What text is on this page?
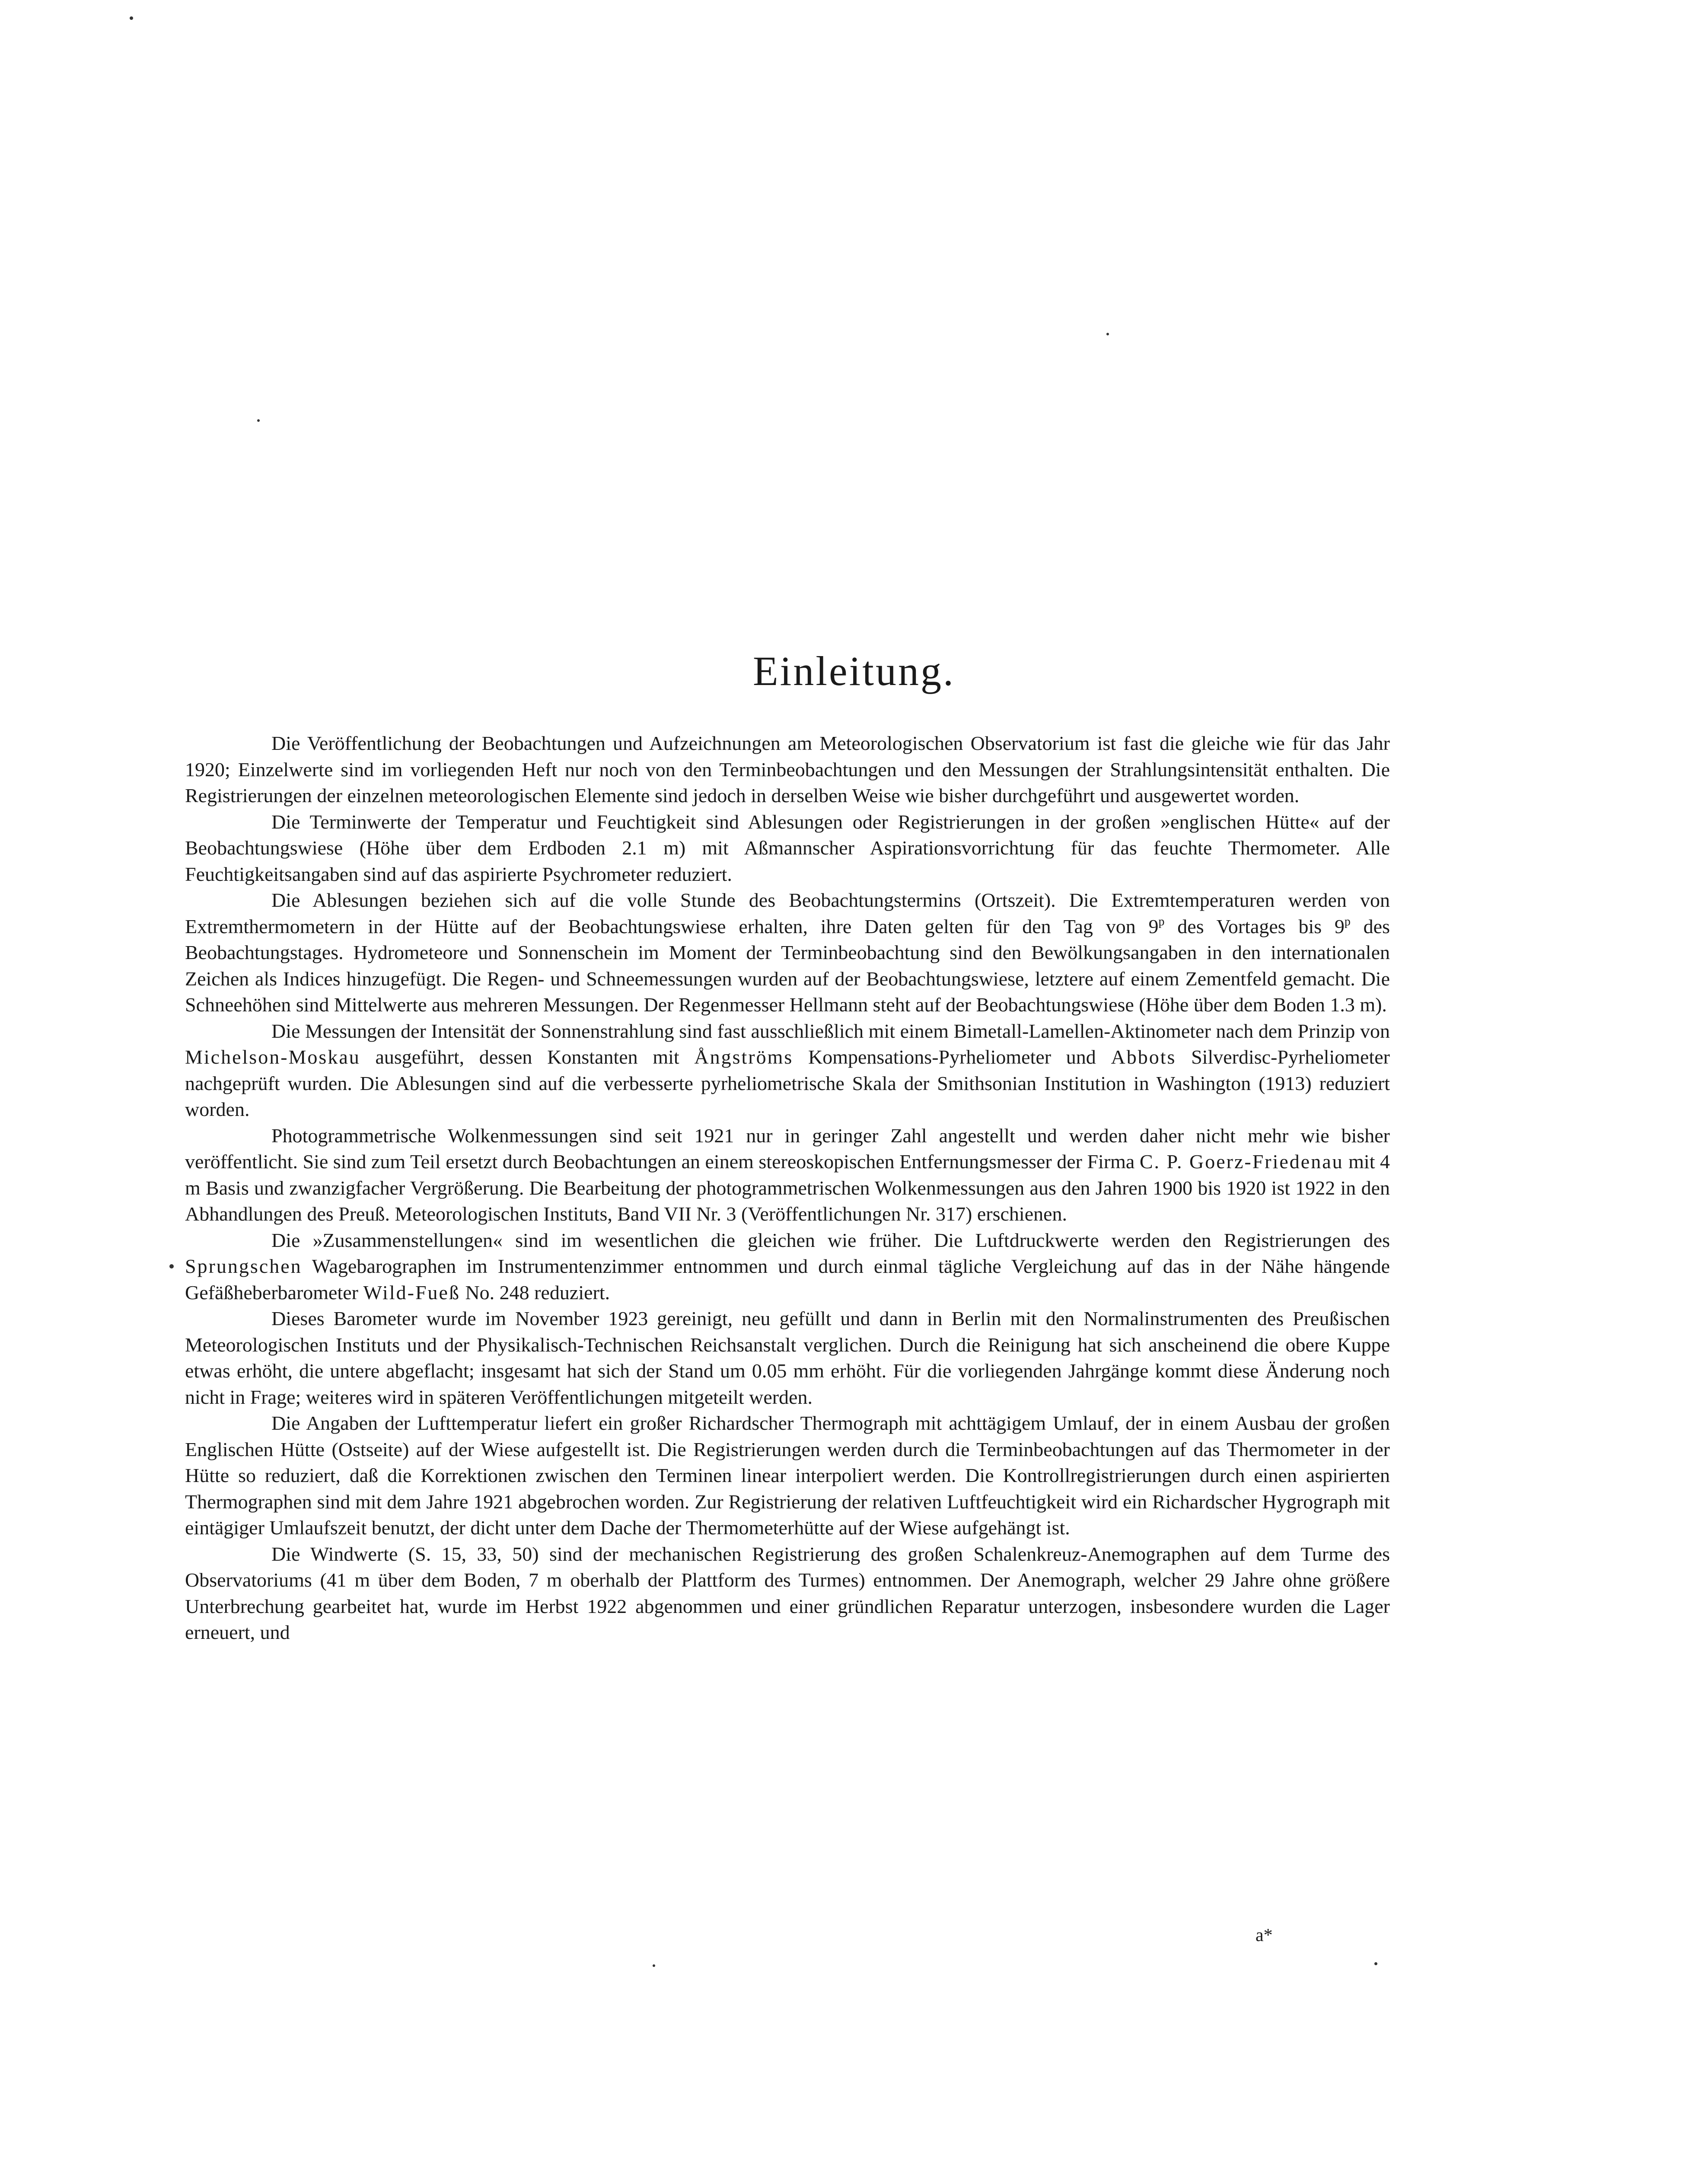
Einleitung.

Die Veröffentlichung der Beobachtungen und Aufzeichnungen am Meteorologischen Observatorium ist fast die gleiche wie für das Jahr 1920; Einzelwerte sind im vorliegenden Heft nur noch von den Terminbeobachtungen und den Messungen der Strahlungsintensität enthalten. Die Registrierungen der einzelnen meteorologischen Elemente sind jedoch in derselben Weise wie bisher durchgeführt und ausgewertet worden.

Die Terminwerte der Temperatur und Feuchtigkeit sind Ablesungen oder Registrierungen in der großen »englischen Hütte« auf der Beobachtungswiese (Höhe über dem Erdboden 2.1 m) mit Aßmannscher Aspirationsvorrichtung für das feuchte Thermometer. Alle Feuchtigkeitsangaben sind auf das aspirierte Psychrometer reduziert.

Die Ablesungen beziehen sich auf die volle Stunde des Beobachtungstermins (Ortszeit). Die Extremtemperaturen werden von Extremthermometern in der Hütte auf der Beobachtungswiese erhalten, ihre Daten gelten für den Tag von 9$^p$ des Vortages bis 9$^p$ des Beobachtungstages. Hydrometeore und Sonnenschein im Moment der Terminbeobachtung sind den Bewölkungsangaben in den internationalen Zeichen als Indices hinzugefügt. Die Regen- und Schneemessungen wurden auf der Beobachtungswiese, letztere auf einem Zementfeld gemacht. Die Schneehöhen sind Mittelwerte aus mehreren Messungen. Der Regenmesser Hellmann steht auf der Beobachtungswiese (Höhe über dem Boden 1.3 m).

Die Messungen der Intensität der Sonnenstrahlung sind fast ausschließlich mit einem Bimetall-Lamellen-Aktinometer nach dem Prinzip von Michelson-Moskau ausgeführt, dessen Konstanten mit Ångströms Kompensations-Pyrheliometer und Abbots Silverdisc-Pyrheliometer nachgeprüft wurden. Die Ablesungen sind auf die verbesserte pyrheliometrische Skala der Smithsonian Institution in Washington (1913) reduziert worden.

Photogrammetrische Wolkenmessungen sind seit 1921 nur in geringer Zahl angestellt und werden daher nicht mehr wie bisher veröffentlicht. Sie sind zum Teil ersetzt durch Beobachtungen an einem stereoskopischen Entfernungsmesser der Firma C. P. Goerz-Friedenau mit 4 m Basis und zwanzigfacher Vergrößerung. Die Bearbeitung der photogrammetrischen Wolkenmessungen aus den Jahren 1900 bis 1920 ist 1922 in den Abhandlungen des Preuß. Meteorologischen Instituts, Band VII Nr. 3 (Veröffentlichungen Nr. 317) erschienen.

Die »Zusammenstellungen« sind im wesentlichen die gleichen wie früher. Die Luftdruckwerte werden den Registrierungen des Sprungschen Wagebarographen im Instrumentenzimmer entnommen und durch einmal tägliche Vergleichung auf das in der Nähe hängende Gefäßheberbarometer Wild-Fueß No. 248 reduziert.

Dieses Barometer wurde im November 1923 gereinigt, neu gefüllt und dann in Berlin mit den Normalinstrumenten des Preußischen Meteorologischen Instituts und der Physikalisch-Technischen Reichsanstalt verglichen. Durch die Reinigung hat sich anscheinend die obere Kuppe etwas erhöht, die untere abgeflacht; insgesamt hat sich der Stand um 0.05 mm erhöht. Für die vorliegenden Jahrgänge kommt diese Änderung noch nicht in Frage; weiteres wird in späteren Veröffentlichungen mitgeteilt werden.

Die Angaben der Lufttemperatur liefert ein großer Richardscher Thermograph mit achttägigem Umlauf, der in einem Ausbau der großen Englischen Hütte (Ostseite) auf der Wiese aufgestellt ist. Die Registrierungen werden durch die Terminbeobachtungen auf das Thermometer in der Hütte so reduziert, daß die Korrektionen zwischen den Terminen linear interpoliert werden. Die Kontrollregistrierungen durch einen aspirierten Thermographen sind mit dem Jahre 1921 abgebrochen worden. Zur Registrierung der relativen Luftfeuchtigkeit wird ein Richardscher Hygrograph mit eintägiger Umlaufszeit benutzt, der dicht unter dem Dache der Thermometerhütte auf der Wiese aufgehängt ist.

Die Windwerte (S. 15, 33, 50) sind der mechanischen Registrierung des großen Schalenkreuz-Anemographen auf dem Turme des Observatoriums (41 m über dem Boden, 7 m oberhalb der Plattform des Turmes) entnommen. Der Anemograph, welcher 29 Jahre ohne größere Unterbrechung gearbeitet hat, wurde im Herbst 1922 abgenommen und einer gründlichen Reparatur unterzogen, insbesondere wurden die Lager erneuert, und

a*
